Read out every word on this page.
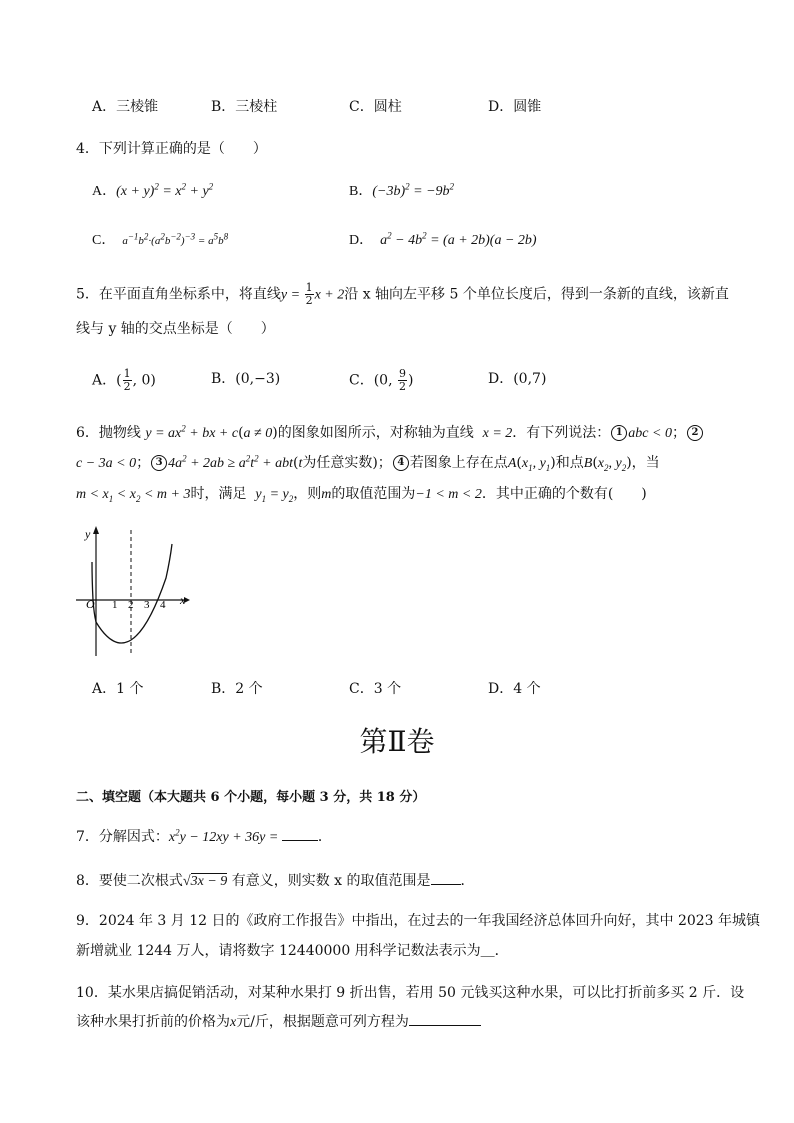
A．三棱锥	B．三棱柱	C．圆柱	D．圆锥
4．下列计算正确的是（　　）
A．$(x + y)^2 = x^2 + y^2$	B．$(-3b)^2 = -9b^2$
C．  $a^{-1}b^2\cdot(a^2b^{-2})^{-3} = a^5b^8$	D．  $a^2 - 4b^2 = (a + 2b)(a - 2b)$
5．在平面直角坐标系中，将直线$y = \frac{1}{2}$ x + 2沿 x 轴向左平移 5 个单位长度后，得到一条新的直线，该新直
线与 y 轴的交点坐标是（　　）
A．( $\frac{1}{2}$ , 0)	B．(0,−3)	C．(0, $\frac{9}{2}$ )	D．(0,7)
6．抛物线 $y = ax^2$ + bx + c(a ≠ 0)的图象如图所示，对称轴为直线 x = 2．有下列说法： 1 abc < 0； 2
c − 3a < 0； 3 $4a^2 + 2ab \ge a^2t^2 + abt(t$为任意实数)； 4 若图象上存在点$A(x_1$, $y_1$)和点$B(x_2$, $y_2$)，当
$m < x_1 < x_2 < m + 3$时，满足 $y_1 = y_2$，则m的取值范围为−1 < m < 2．其中正确的个数有(　　)
y
O 1 2 3 4 x
A．1 个	B．2 个	C．3 个	D．4 个
第Ⅱ卷
二、填空题（本大题共 6 个小题，每小题 3 分，共 18 分）
7．分解因式：$x^2y - 12xy + 36y$ =	．
8．要使二次根式√3x − 9 有意义，则实数 x 的取值范围是 ．
9．2024 年 3 月 12 日的《政府工作报告》中指出，在过去的一年我国经济总体回升向好，其中 2023 年城镇
新增就业 1244 万人，请将数字 12440000 用科学记数法表示为＿．
10．某水果店搞促销活动，对某种水果打 9 折出售，若用 50 元钱买这种水果，可以比打折前多买 2 斤．设
该种水果打折前的价格为x元/斤，根据题意可列方程为
